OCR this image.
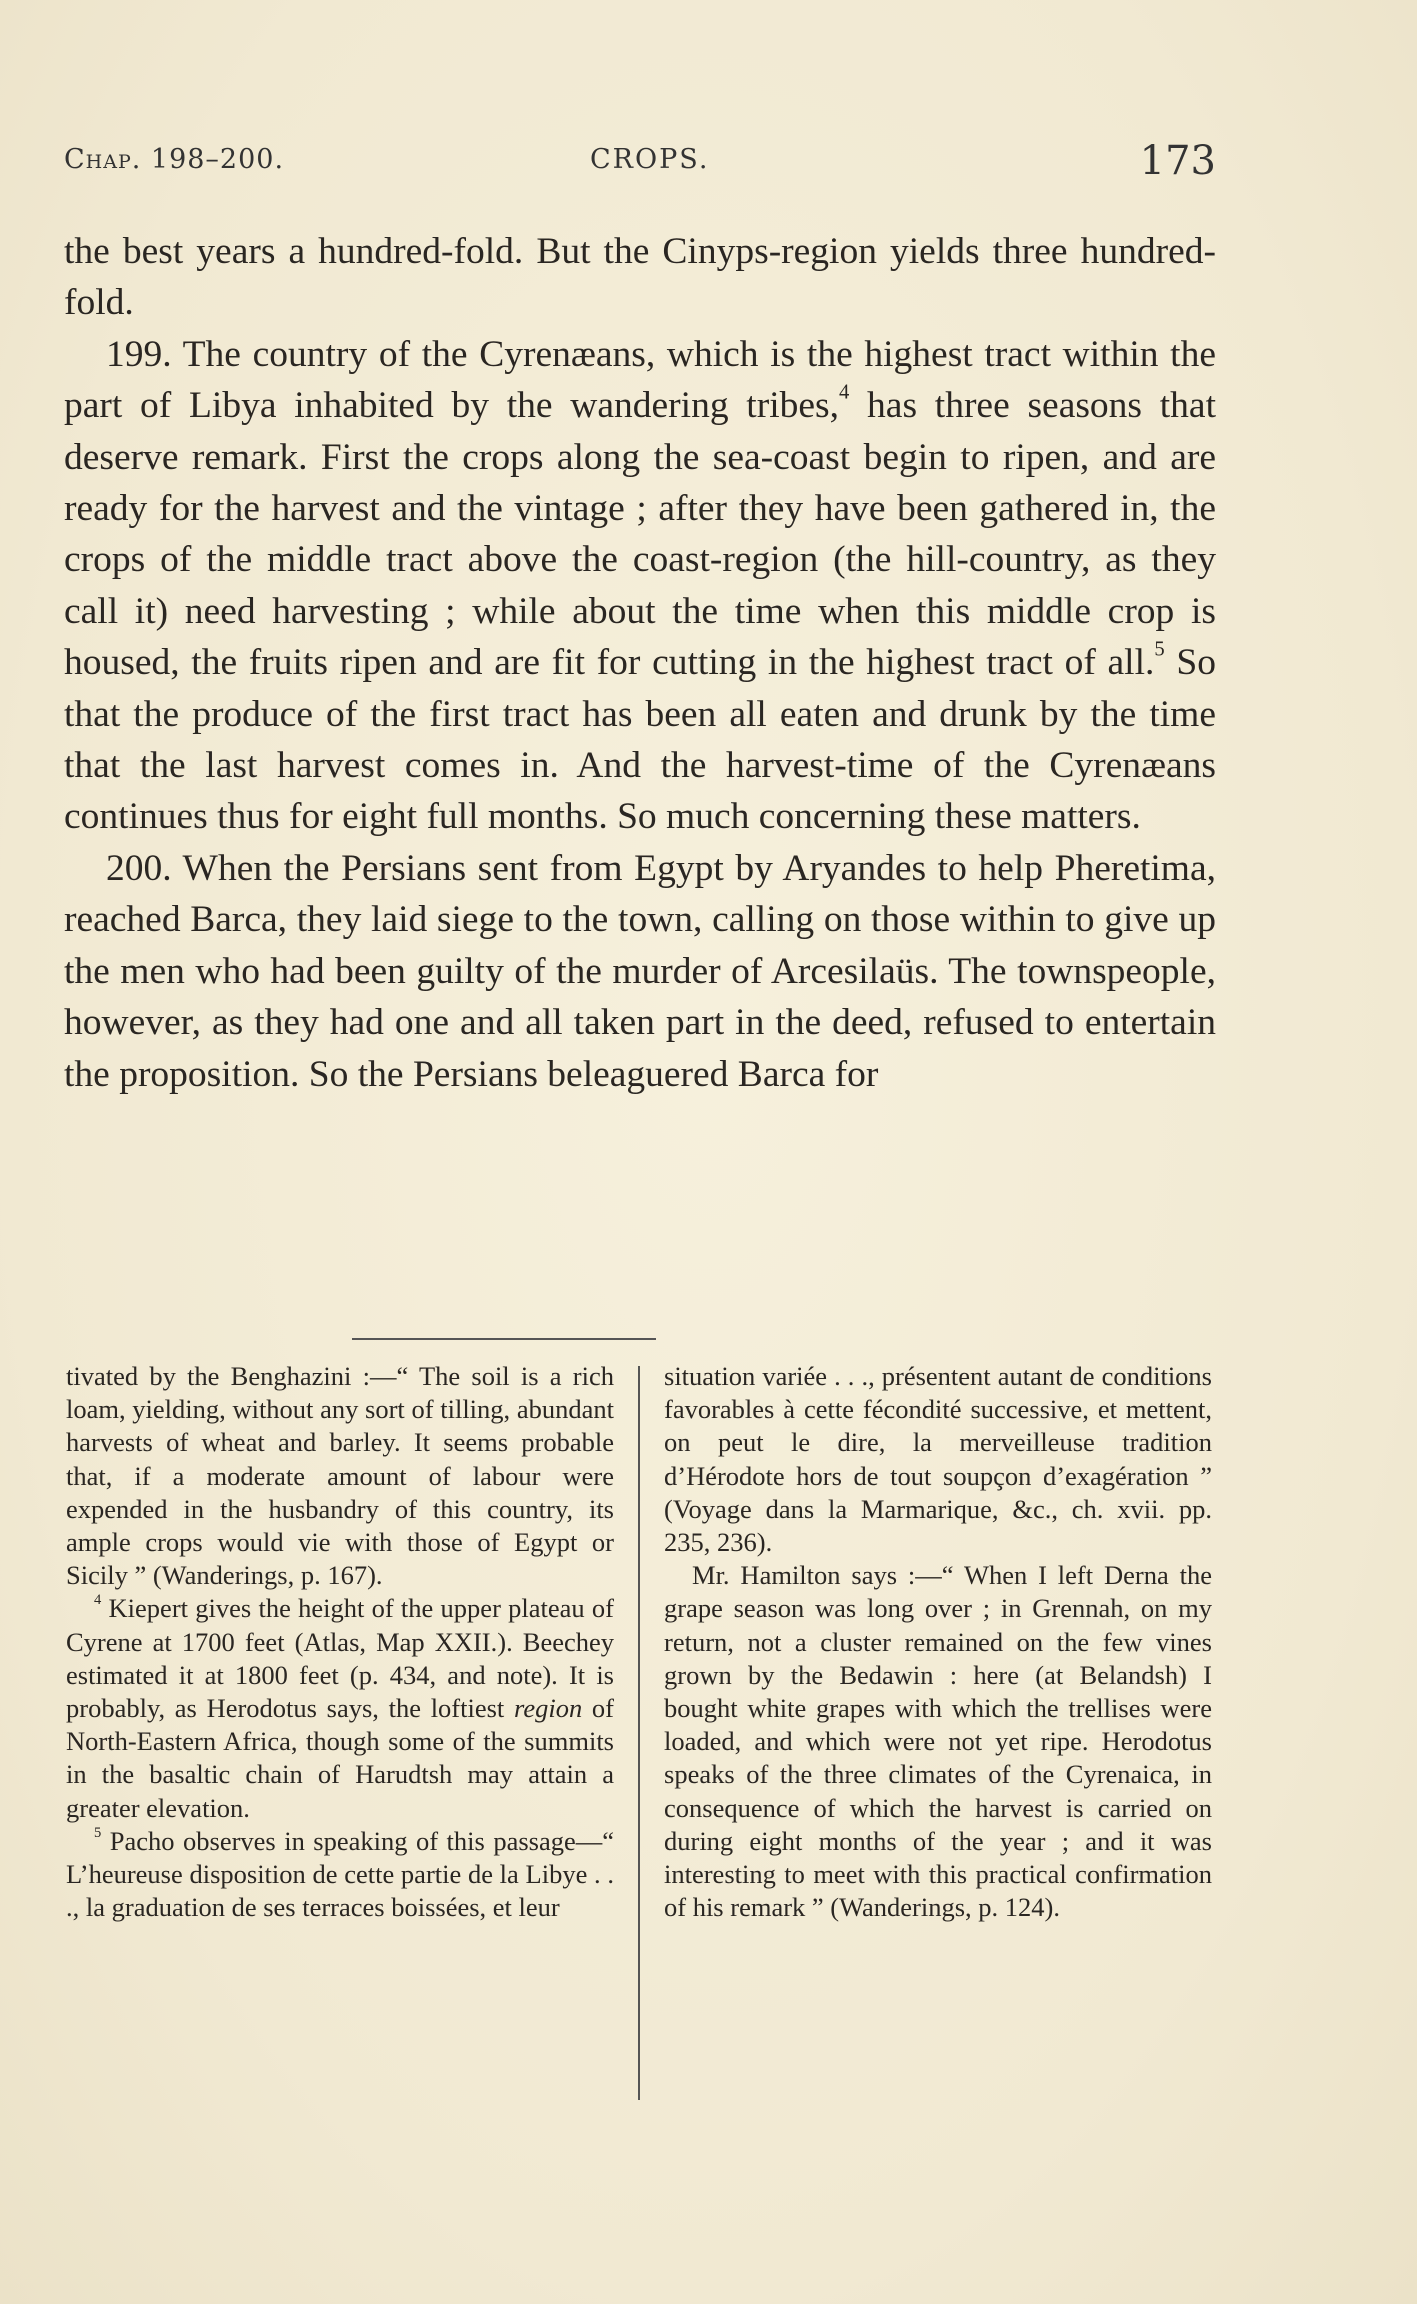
Chap. 198–200.	CROPS.	173

the best years a hundred-fold. But the Cinyps-region yields three hundred-fold.

199. The country of the Cyrenæans, which is the highest tract within the part of Libya inhabited by the wandering tribes,$^4$ has three seasons that deserve remark. First the crops along the sea-coast begin to ripen, and are ready for the harvest and the vintage ; after they have been gathered in, the crops of the middle tract above the coast-region (the hill-country, as they call it) need harvesting ; while about the time when this middle crop is housed, the fruits ripen and are fit for cutting in the highest tract of all.$^5$ So that the produce of the first tract has been all eaten and drunk by the time that the last harvest comes in. And the harvest-time of the Cyrenæans continues thus for eight full months. So much concerning these matters.

200. When the Persians sent from Egypt by Aryandes to help Pheretima, reached Barca, they laid siege to the town, calling on those within to give up the men who had been guilty of the murder of Arcesilaüs. The townspeople, however, as they had one and all taken part in the deed, refused to entertain the proposition. So the Persians beleaguered Barca for

tivated by the Benghazini :—“ The soil is a rich loam, yielding, without any sort of tilling, abundant harvests of wheat and barley. It seems probable that, if a moderate amount of labour were expended in the husbandry of this country, its ample crops would vie with those of Egypt or Sicily ” (Wanderings, p. 167).

$^4$ Kiepert gives the height of the upper plateau of Cyrene at 1700 feet (Atlas, Map XXII.). Beechey estimated it at 1800 feet (p. 434, and note). It is probably, as Herodotus says, the loftiest region of North-Eastern Africa, though some of the summits in the basaltic chain of Harudtsh may attain a greater elevation.

$^5$ Pacho observes in speaking of this passage—“ L’heureuse disposition de cette partie de la Libye . . ., la graduation de ses terraces boissées, et leur

situation variée . . ., présentent autant de conditions favorables à cette fécondité successive, et mettent, on peut le dire, la merveilleuse tradition d’Hérodote hors de tout soupçon d’exagération ” (Voyage dans la Marmarique, &c., ch. xvii. pp. 235, 236).

Mr. Hamilton says :—“ When I left Derna the grape season was long over ; in Grennah, on my return, not a cluster remained on the few vines grown by the Bedawin : here (at Belandsh) I bought white grapes with which the trellises were loaded, and which were not yet ripe. Herodotus speaks of the three climates of the Cyrenaica, in consequence of which the harvest is carried on during eight months of the year ; and it was interesting to meet with this practical confirmation of his remark ” (Wanderings, p. 124).
